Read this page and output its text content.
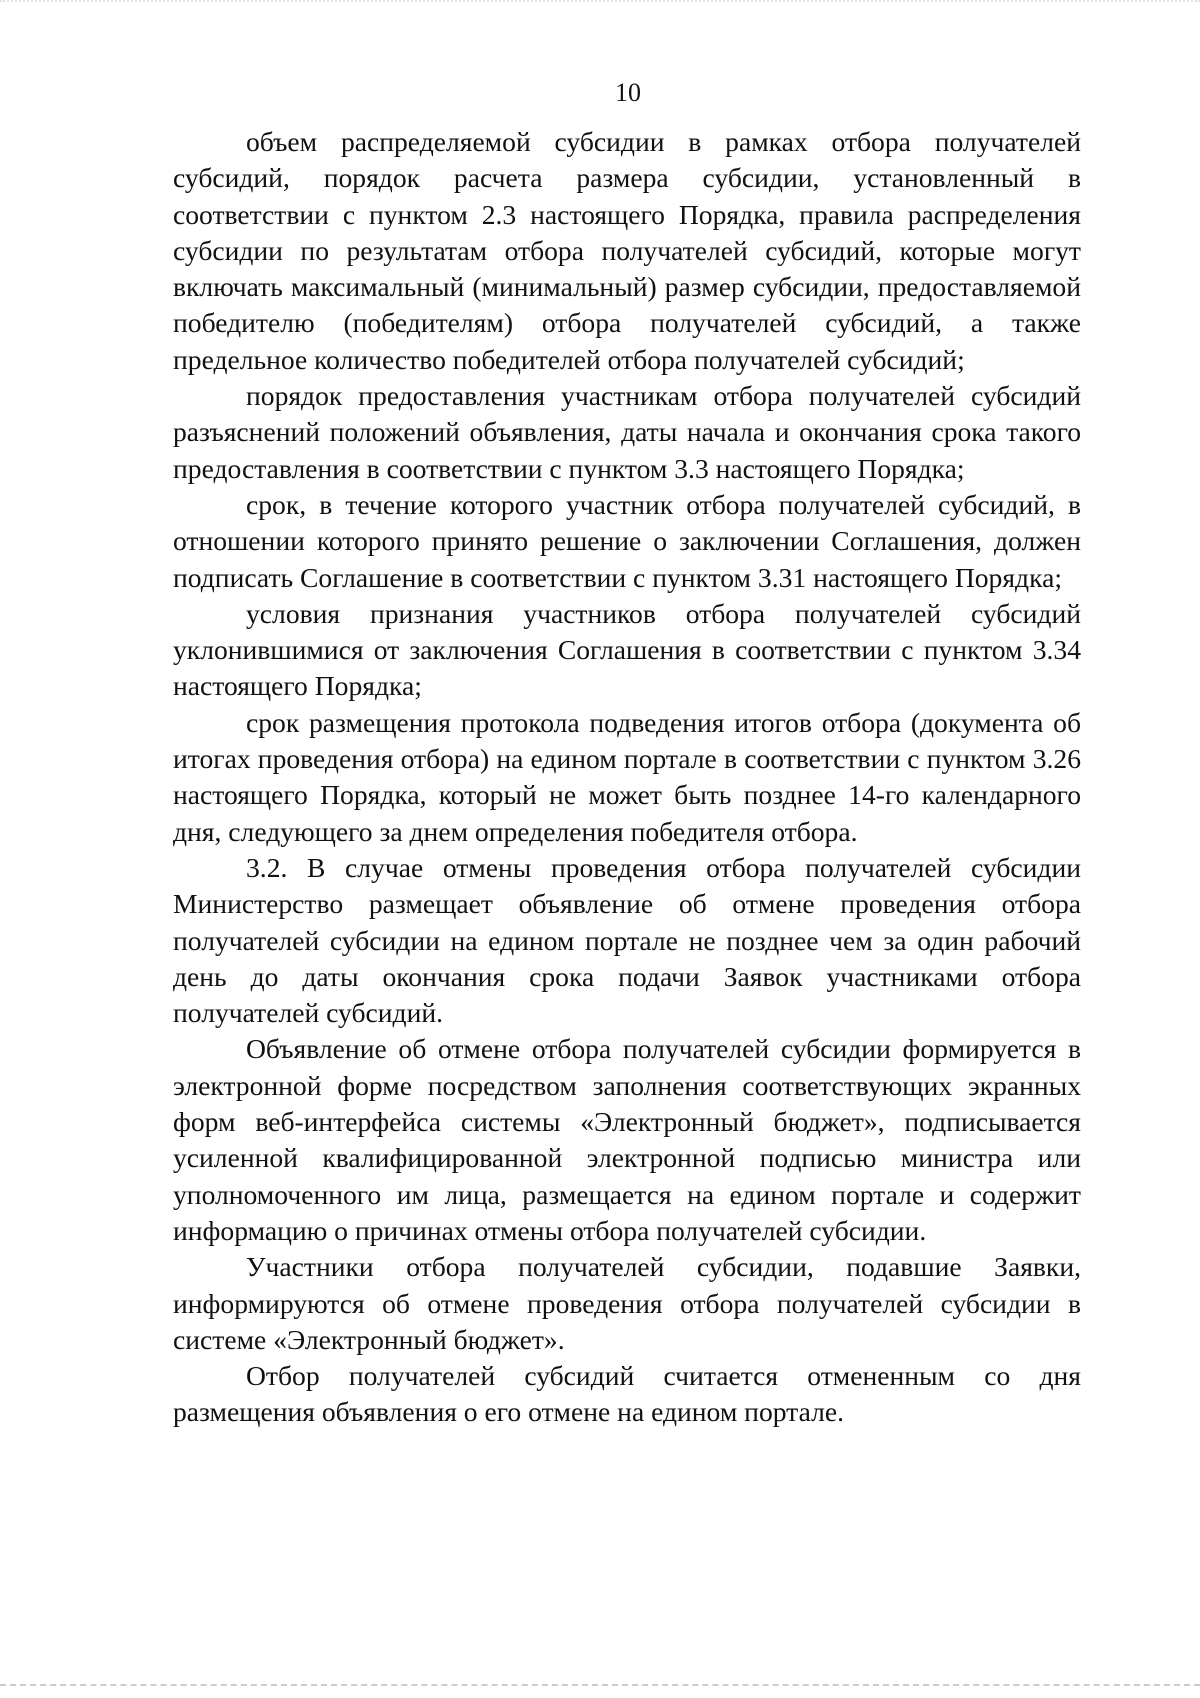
10

объем распределяемой субсидии в рамках отбора получателей субсидий, порядок расчета размера субсидии, установленный в соответствии с пунктом 2.3 настоящего Порядка, правила распределения субсидии по результатам отбора получателей субсидий, которые могут включать максимальный (минимальный) размер субсидии, предоставляемой победителю (победителям) отбора получателей субсидий, а также предельное количество победителей отбора получателей субсидий;

порядок предоставления участникам отбора получателей субсидий разъяснений положений объявления, даты начала и окончания срока такого предоставления в соответствии с пунктом 3.3 настоящего Порядка;

срок, в течение которого участник отбора получателей субсидий, в отношении которого принято решение о заключении Соглашения, должен подписать Соглашение в соответствии с пунктом 3.31 настоящего Порядка;

условия признания участников отбора получателей субсидий уклонившимися от заключения Соглашения в соответствии с пунктом 3.34 настоящего Порядка;

срок размещения протокола подведения итогов отбора (документа об итогах проведения отбора) на едином портале в соответствии с пунктом 3.26 настоящего Порядка, который не может быть позднее 14-го календарного дня, следующего за днем определения победителя отбора.

3.2. В случае отмены проведения отбора получателей субсидии Министерство размещает объявление об отмене проведения отбора получателей субсидии на едином портале не позднее чем за один рабочий день до даты окончания срока подачи Заявок участниками отбора получателей субсидий.

Объявление об отмене отбора получателей субсидии формируется в электронной форме посредством заполнения соответствующих экранных форм веб-интерфейса системы «Электронный бюджет», подписывается усиленной квалифицированной электронной подписью министра или уполномоченного им лица, размещается на едином портале и содержит информацию о причинах отмены отбора получателей субсидии.

Участники отбора получателей субсидии, подавшие Заявки, информируются об отмене проведения отбора получателей субсидии в системе «Электронный бюджет».

Отбор получателей субсидий считается отмененным со дня размещения объявления о его отмене на едином портале.
